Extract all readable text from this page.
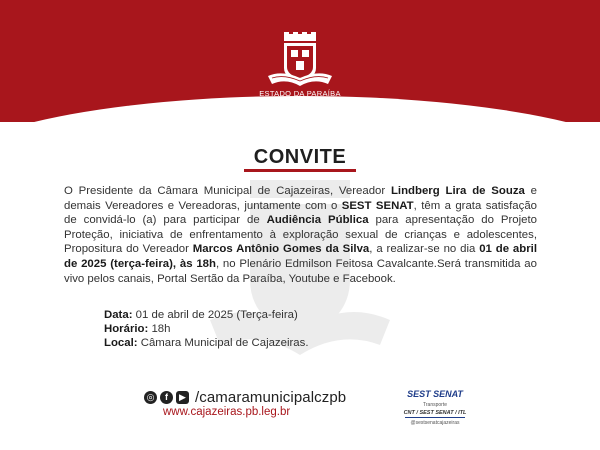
ESTADO DA PARAÍBA
CÂMARA MUNICIPAL DE CAJAZEIRAS
CASA OTACÍLIO JUREMA
CONVITE
O Presidente da Câmara Municipal de Cajazeiras, Vereador Lindberg Lira de Souza e demais Vereadores e Vereadoras, juntamente com o SEST SENAT, têm a grata satisfação de convidá-lo (a) para participar de Audiência Pública para apresentação do Projeto Proteção, iniciativa de enfrentamento à exploração sexual de crianças e adolescentes, Propositura do Vereador Marcos Antônio Gomes da Silva, a realizar-se no dia 01 de abril de 2025 (terça-feira), às 18h, no Plenário Edmilson Feitosa Cavalcante.Será transmitida ao vivo pelos canais, Portal Sertão da Paraíba, Youtube e Facebook.
Data: 01 de abril de 2025 (Terça-feira)
Horário: 18h
Local: Câmara Municipal de Cajazeiras.
◎	f	▶ /camaramunicipalczpb
www.cajazeiras.pb.leg.br
SEST SENAT
Transporte
CNT / SEST SENAT / ITL
@sestsenatcajazeiras
